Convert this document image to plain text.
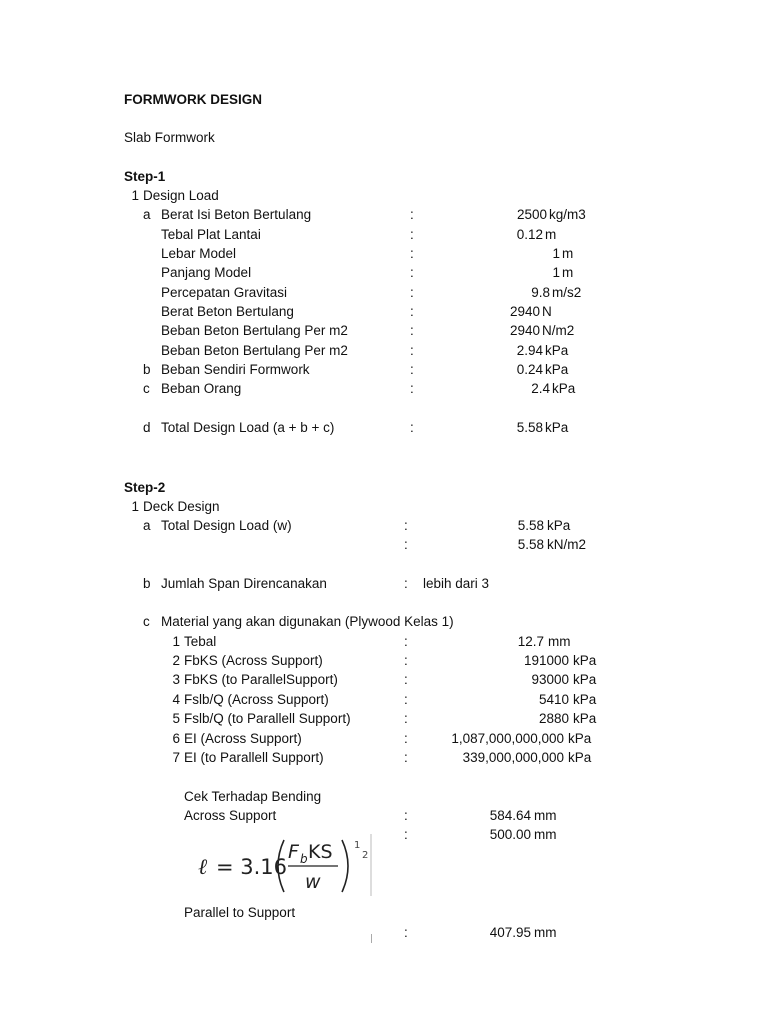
FORMWORK DESIGN
Slab Formwork
Step-1
1 Design Load
a Berat Isi Beton Bertulang	:	2500 kg/m3
Tebal Plat Lantai	:	0.12 m
Lebar Model	:	1 m
Panjang Model	:	1 m
Percepatan Gravitasi	:	9.8 m/s2
Berat Beton Bertulang	:	2940 N
Beban Beton Bertulang Per m2	:	2940 N/m2
Beban Beton Bertulang Per m2	:	2.94 kPa
b Beban Sendiri Formwork	:	0.24 kPa
c Beban Orang	:	2.4 kPa
d Total Design Load (a + b + c)	:	5.58 kPa
Step-2
1 Deck Design
a Total Design Load (w)	:	5.58 kPa
:	5.58 kN/m2
b Jumlah Span Direncanakan	: lebih dari 3
c Material yang akan digunakan (Plywood Kelas 1)
1 Tebal	:	12.7 mm
2 FbKS (Across Support)	:	191000 kPa
3 FbKS (to ParallelSupport)	:	93000 kPa
4 Fslb/Q (Across Support)	:	5410 kPa
5 Fslb/Q (to Parallell Support)	:	2880 kPa
6 EI (Across Support)	:	1,087,000,000,000 kPa
7 EI (to Parallell Support)	:	339,000,000,000 kPa
Cek Terhadap Bending
Across Support	:	584.64 mm
:	500.00 mm
ℓ = 3.16
F b KS
w
1
2
Parallel to Support
:	407.95 mm
